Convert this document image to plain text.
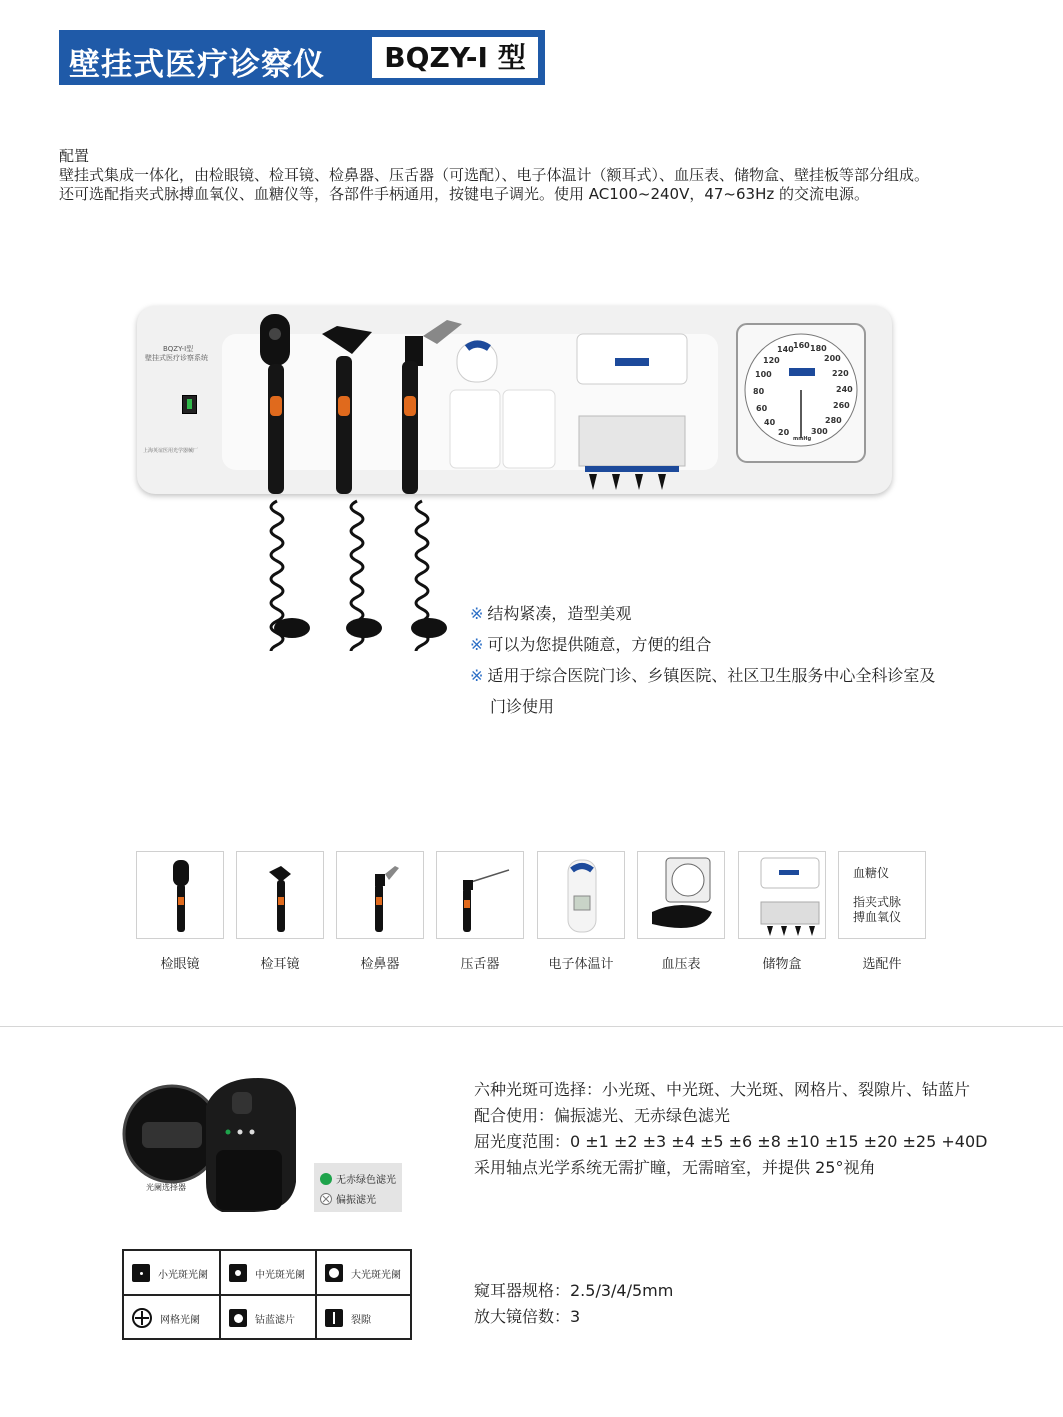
壁挂式医疗诊察仪	BQZY-I 型

配置

壁挂式集成一体化，由检眼镜、检耳镜、检鼻器、压舌器（可选配）、电子体温计（额耳式）、血压表、储物盒、壁挂板等部分组成。

还可选配指夹式脉搏血氧仪、血糖仪等，各部件手柄通用，按键电子调光。使用 AC100~240V，47~63Hz 的交流电源。

BQZY-I型
壁挂式医疗诊察系统
上海英谊医用光学器械厂
20
40
60
80
100
120
140 160 180
200
220
240
260
280
300
mmHg
※ 结构紧凑，造型美观
※ 可以为您提供随意，方便的组合
※ 适用于综合医院门诊、乡镇医院、社区卫生服务中心全科诊室及
门诊使用
检眼镜	检耳镜	检鼻器	压舌器	电子体温计	血压表	储物盒
血糖仪
指夹式脉
搏血氧仪
选配件
光阑选择器
无赤绿色滤光
偏振滤光

六种光斑可选择：小光斑、中光斑、大光斑、网格片、裂隙片、钴蓝片

配合使用：偏振滤光、无赤绿色滤光

屈光度范围：0 ±1 ±2 ±3 ±4 ±5 ±6 ±8 ±10 ±15 ±20 ±25 +40D

采用轴点光学系统无需扩瞳，无需暗室，并提供 25°视角

小光斑光阑	中光斑光阑	大光斑光阑
网格光阑	钴蓝滤片	裂隙

窥耳器规格：2.5/3/4/5mm

放大镜倍数：3
